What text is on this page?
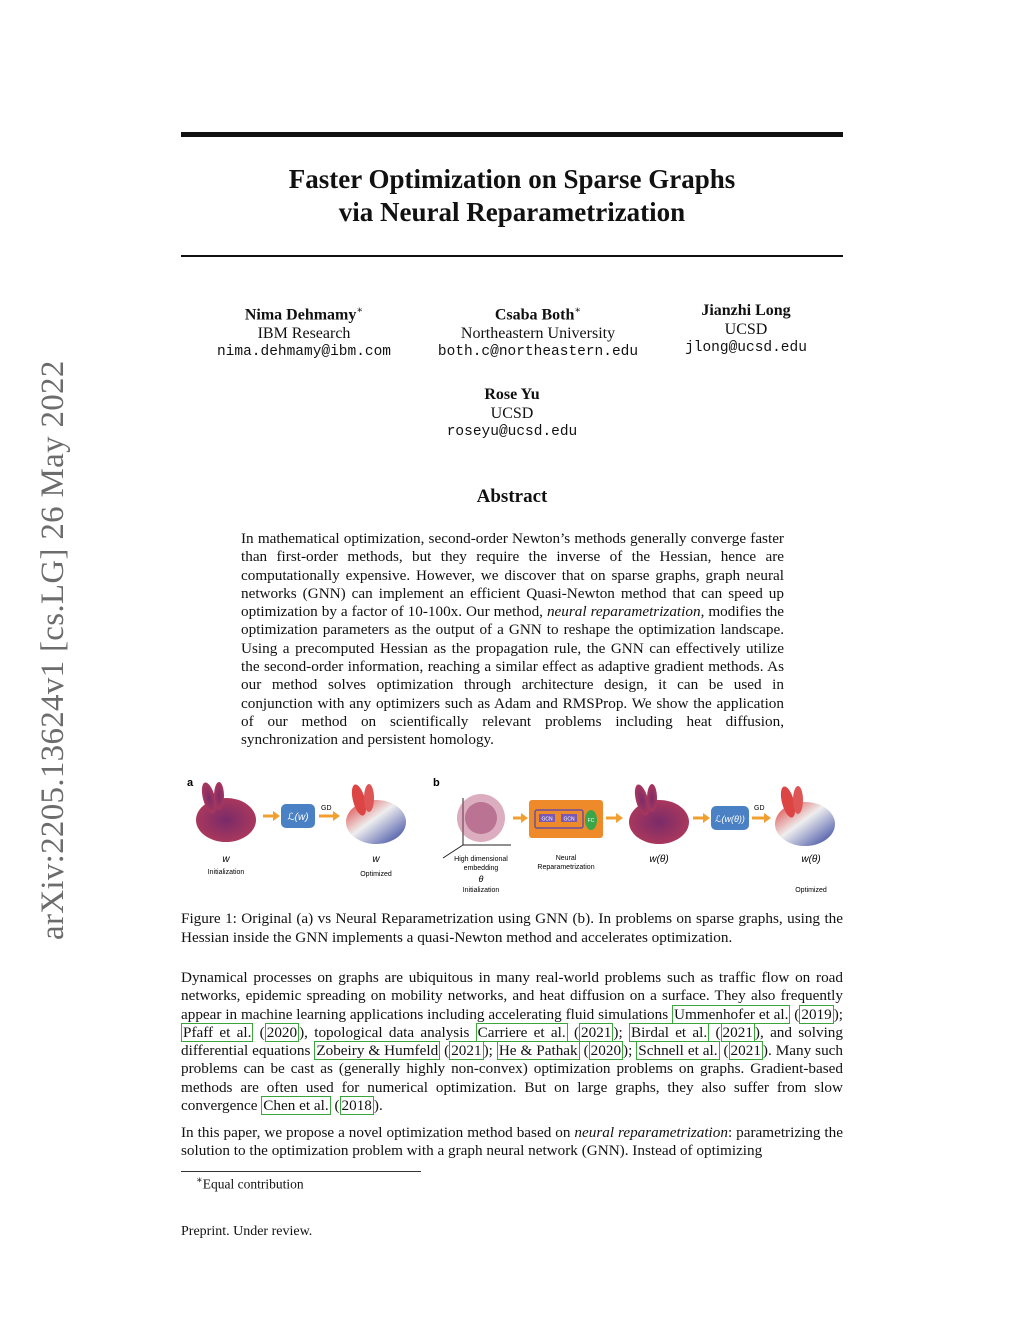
arXiv:2205.13624v1 [cs.LG] 26 May 2022
Faster Optimization on Sparse Graphs
via Neural Reparametrization
Nima Dehmamy∗
IBM Research
nima.dehmamy@ibm.com
Csaba Both∗
Northeastern University
both.c@northeastern.edu
Jianzhi Long
UCSD
jlong@ucsd.edu
Rose Yu
UCSD
roseyu@ucsd.edu
Abstract
In mathematical optimization, second-order Newton’s methods generally converge faster than first-order methods, but they require the inverse of the Hessian, hence are computationally expensive. However, we discover that on sparse graphs, graph neural networks (GNN) can implement an efficient Quasi-Newton method that can speed up optimization by a factor of 10-100x. Our method, neural reparametrization, modifies the optimization parameters as the output of a GNN to reshape the optimization landscape. Using a precomputed Hessian as the propagation rule, the GNN can effectively utilize the second-order information, reaching a similar effect as adaptive gradient methods. As our method solves optimization through architecture design, it can be used in conjunction with any optimizers such as Adam and RMSProp. We show the application of our method on scientifically relevant problems including heat diffusion, synchronization and persistent homology.
a
ℒ(w)
GD
w
Initialization
w
Optimized
b
High dimensional
embedding
θ
Initialization
GCN GCN	FC
Neural
Reparametrization
w(θ)
ℒ(w(θ))
GD
w(θ)
Optimized
Figure 1: Original (a) vs Neural Reparametrization using GNN (b). In problems on sparse graphs, using the Hessian inside the GNN implements a quasi-Newton method and accelerates optimization.
Dynamical processes on graphs are ubiquitous in many real-world problems such as traffic flow on road networks, epidemic spreading on mobility networks, and heat diffusion on a surface. They also frequently appear in machine learning applications including accelerating fluid simulations Ummenhofer et al. ( 2019 ); Pfaff et al. ( 2020 ), topological data analysis Carriere et al. ( 2021 ); Birdal et al. ( 2021 ), and solving differential equations Zobeiry & Humfeld ( 2021 ); He & Pathak ( 2020 ); Schnell et al. ( 2021 ). Many such problems can be cast as (generally highly non-convex) optimization problems on graphs. Gradient-based methods are often used for numerical optimization. But on large graphs, they also suffer from slow convergence Chen et al. ( 2018 ).
In this paper, we propose a novel optimization method based on neural reparametrization: parametrizing the solution to the optimization problem with a graph neural network (GNN). Instead of optimizing
∗Equal contribution
Preprint. Under review.
